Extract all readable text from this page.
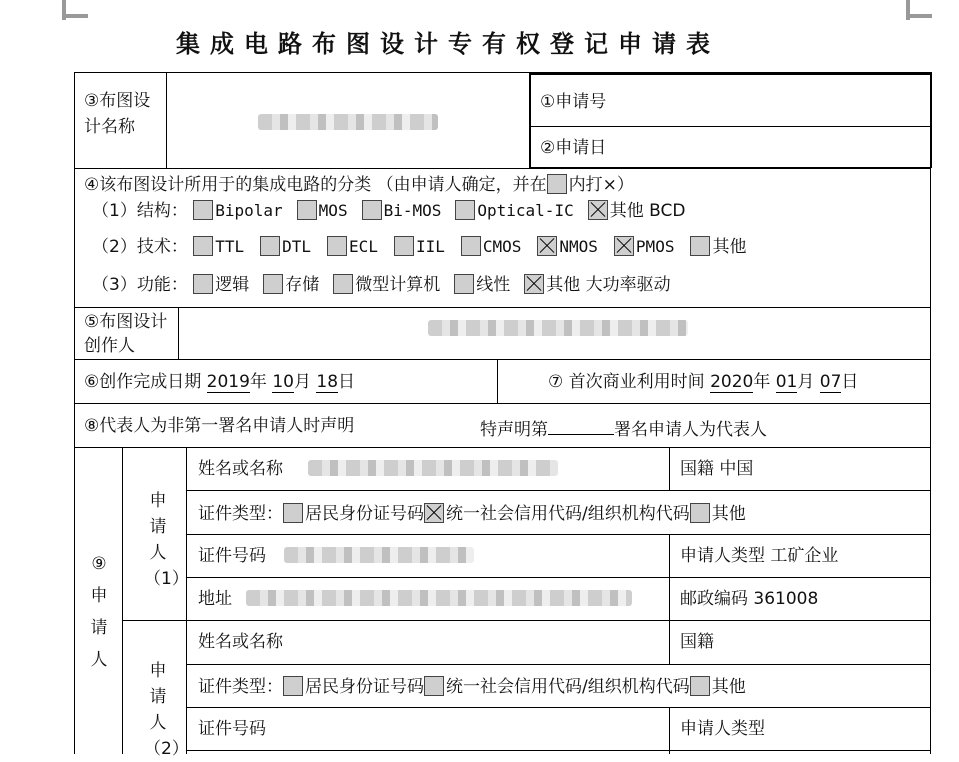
集成电路布图设计专有权登记申请表
③布图设计名称
①申请号
②申请日
④该布图设计所用于的集成电路的分类 （由申请人确定，并在 内打×）
（1）结构： Bipolar MOS Bi-MOS Optical-IC 其他 BCD
（2）技术： TTL DTL ECL IIL CMOS NMOS PMOS 其他
（3）功能： 逻辑 存储 微型计算机 线性 其他 大功率驱动
⑤布图设计创作人
⑥创作完成日期 2019年 10月 18日	⑦ 首次商业利用时间 2020年 01月 07日
⑧代表人为非第一署名申请人时声明	特声明第	署名申请人为代表人
⑨申请人
申请人（1）
姓名或名称	国籍 中国
证件类型： 居民身份证号码 统一社会信用代码/组织机构代码 其他
证件号码	申请人类型 工矿企业
地址	邮政编码 361008
申请人（2）
姓名或名称	国籍
证件类型： 居民身份证号码 统一社会信用代码/组织机构代码 其他
证件号码	申请人类型
